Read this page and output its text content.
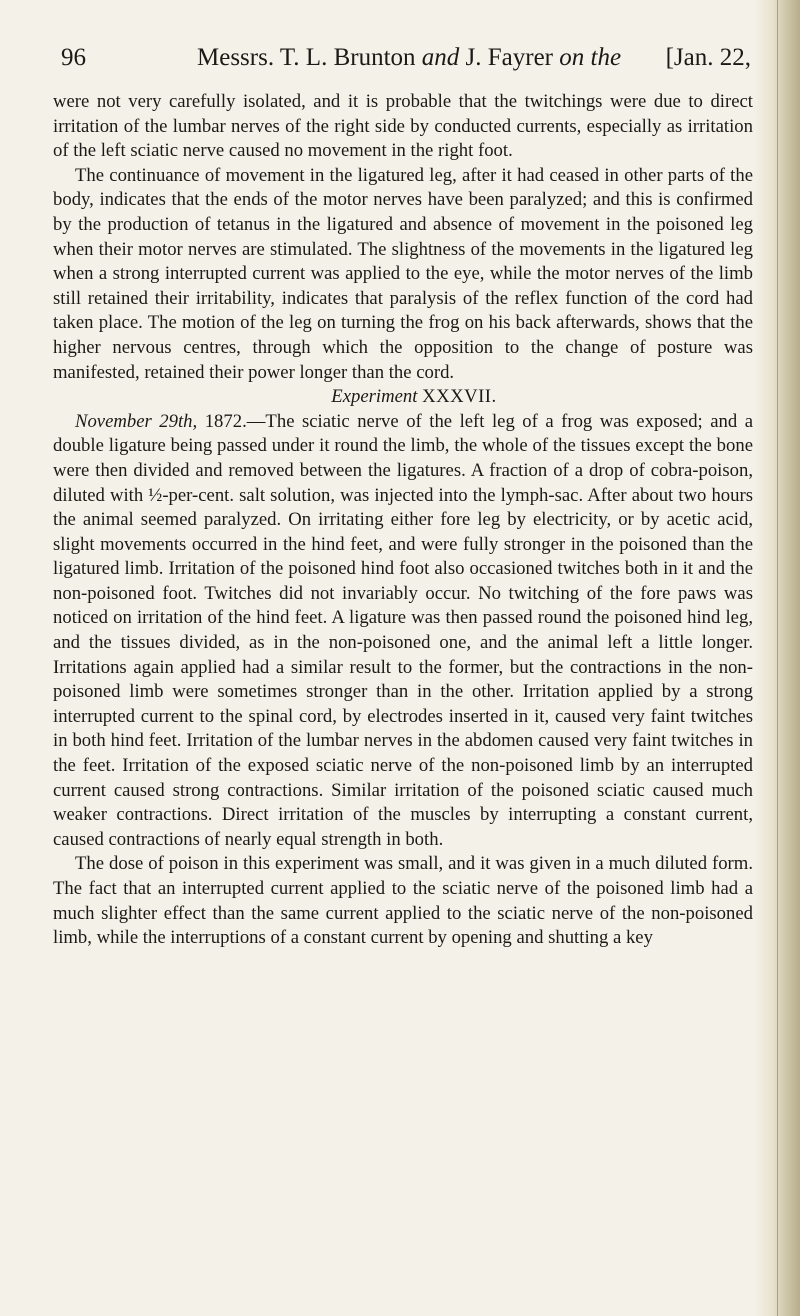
96	Messrs. T. L. Brunton and J. Fayrer on the [Jan. 22,

were not very carefully isolated, and it is probable that the twitchings were due to direct irritation of the lumbar nerves of the right side by conducted currents, especially as irritation of the left sciatic nerve caused no movement in the right foot.

The continuance of movement in the ligatured leg, after it had ceased in other parts of the body, indicates that the ends of the motor nerves have been paralyzed; and this is confirmed by the production of tetanus in the ligatured and absence of movement in the poisoned leg when their motor nerves are stimulated. The slightness of the movements in the ligatured leg when a strong interrupted current was applied to the eye, while the motor nerves of the limb still retained their irritability, indicates that paralysis of the reflex function of the cord had taken place. The motion of the leg on turning the frog on his back afterwards, shows that the higher nervous centres, through which the opposition to the change of posture was manifested, retained their power longer than the cord.

Experiment XXXVII.

November 29th, 1872.—The sciatic nerve of the left leg of a frog was exposed; and a double ligature being passed under it round the limb, the whole of the tissues except the bone were then divided and removed between the ligatures. A fraction of a drop of cobra-poison, diluted with ½-per-cent. salt solution, was injected into the lymph-sac. After about two hours the animal seemed paralyzed. On irritating either fore leg by electricity, or by acetic acid, slight movements occurred in the hind feet, and were fully stronger in the poisoned than the ligatured limb. Irritation of the poisoned hind foot also occasioned twitches both in it and the non-poisoned foot. Twitches did not invariably occur. No twitching of the fore paws was noticed on irritation of the hind feet. A ligature was then passed round the poisoned hind leg, and the tissues divided, as in the non-poisoned one, and the animal left a little longer. Irritations again applied had a similar result to the former, but the contractions in the non-poisoned limb were sometimes stronger than in the other. Irritation applied by a strong interrupted current to the spinal cord, by electrodes inserted in it, caused very faint twitches in both hind feet. Irritation of the lumbar nerves in the abdomen caused very faint twitches in the feet. Irritation of the exposed sciatic nerve of the non-poisoned limb by an interrupted current caused strong contractions. Similar irritation of the poisoned sciatic caused much weaker contractions. Direct irritation of the muscles by interrupting a constant current, caused contractions of nearly equal strength in both.

The dose of poison in this experiment was small, and it was given in a much diluted form. The fact that an interrupted current applied to the sciatic nerve of the poisoned limb had a much slighter effect than the same current applied to the sciatic nerve of the non-poisoned limb, while the interruptions of a constant current by opening and shutting a key
